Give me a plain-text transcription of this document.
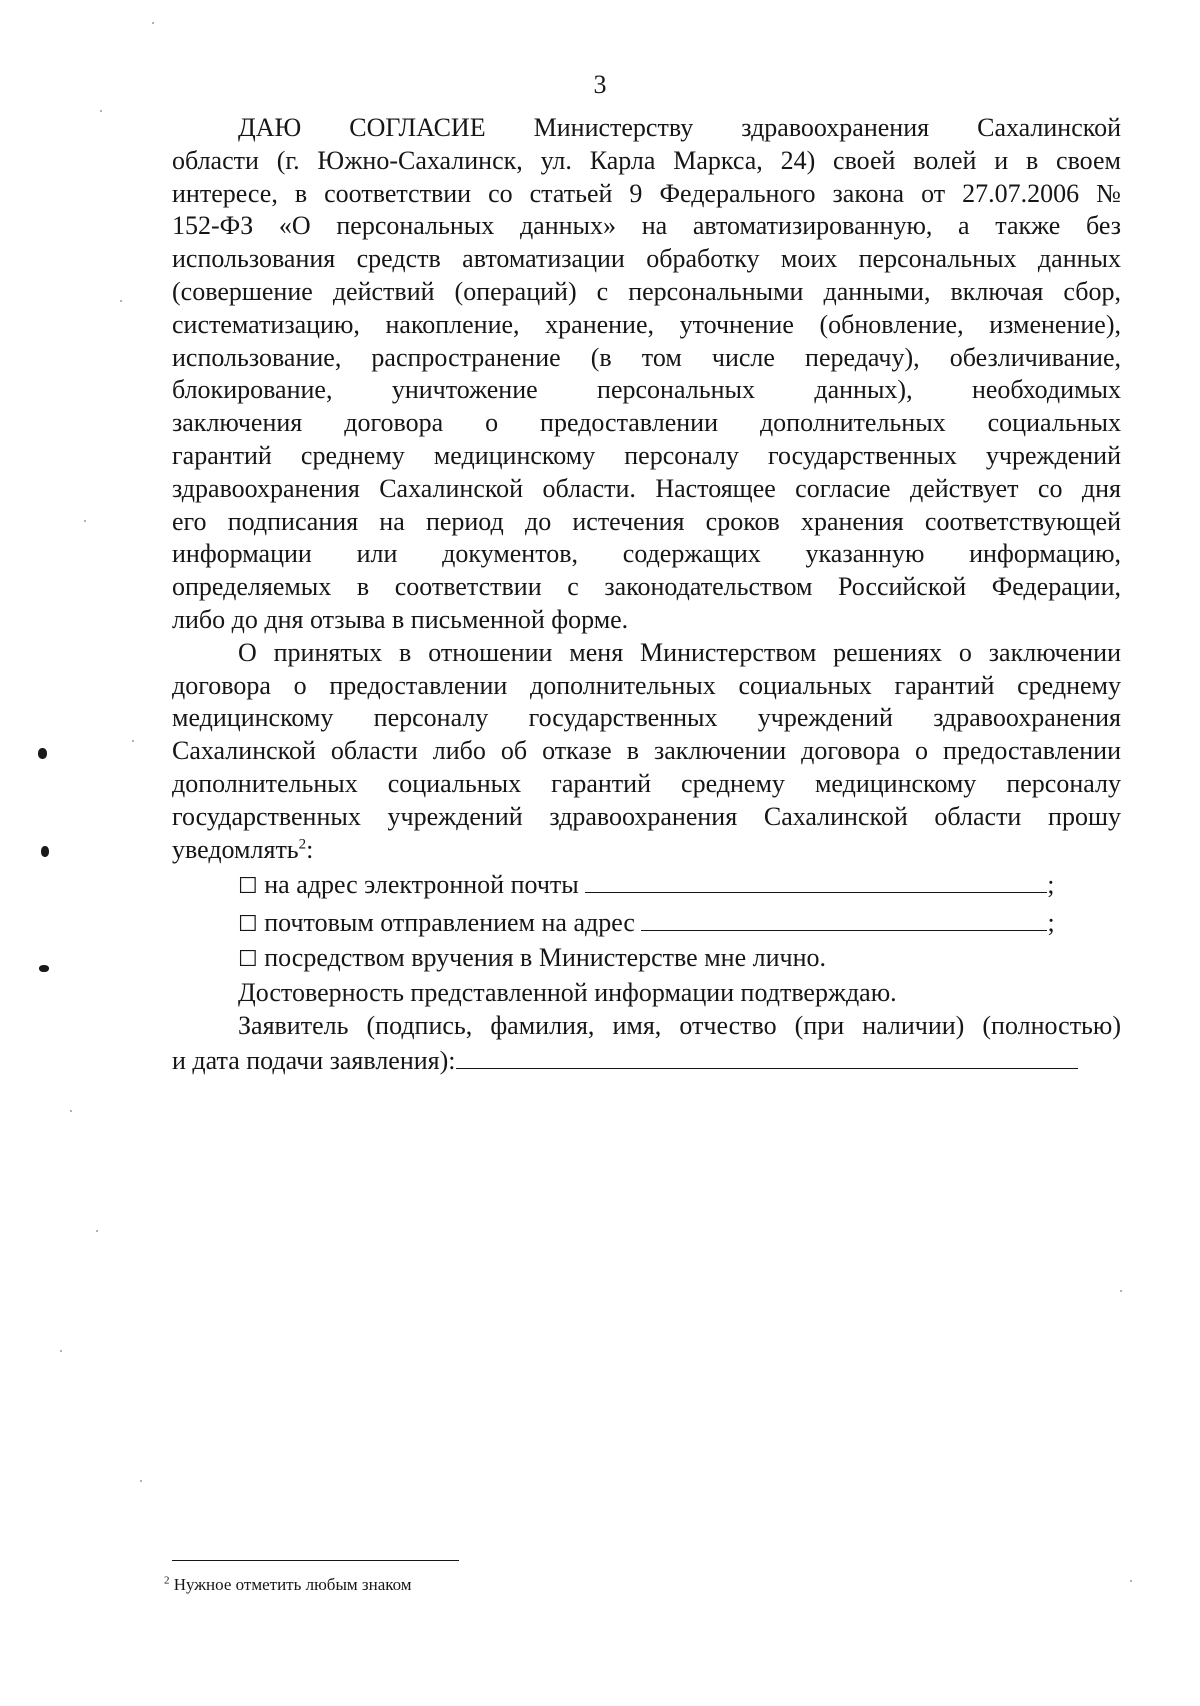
3

ДАЮ СОГЛАСИЕ Министерству здравоохранения Сахалинской

области (г. Южно-Сахалинск, ул. Карла Маркса, 24) своей волей и в своем

интересе, в соответствии со статьей 9 Федерального закона от 27.07.2006 №

152-ФЗ «О персональных данных» на автоматизированную, а также без

использования средств автоматизации обработку моих персональных данных

(совершение действий (операций) с персональными данными, включая сбор,

систематизацию, накопление, хранение, уточнение (обновление, изменение),

использование, распространение (в том числе передачу), обезличивание,

блокирование, уничтожение персональных данных), необходимых

заключения договора о предоставлении дополнительных социальных

гарантий среднему медицинскому персоналу государственных учреждений

здравоохранения Сахалинской области. Настоящее согласие действует со дня

его подписания на период до истечения сроков хранения соответствующей

информации или документов, содержащих указанную информацию,

определяемых в соответствии с законодательством Российской Федерации,

либо до дня отзыва в письменной форме.

О принятых в отношении меня Министерством решениях о заключении

договора о предоставлении дополнительных социальных гарантий среднему

медицинскому персоналу государственных учреждений здравоохранения

Сахалинской области либо об отказе в заключении договора о предоставлении

дополнительных социальных гарантий среднему медицинскому персоналу

государственных учреждений здравоохранения Сахалинской области прошу

уведомлять$^2$:

☐ на адрес электронной почты	;

☐ почтовым отправлением на адрес	;

☐ посредством вручения в Министерстве мне лично.

Достоверность представленной информации подтверждаю.

Заявитель (подпись, фамилия, имя, отчество (при наличии) (полностью)

и дата подачи заявления):

$^2$ Нужное отметить любым знаком
